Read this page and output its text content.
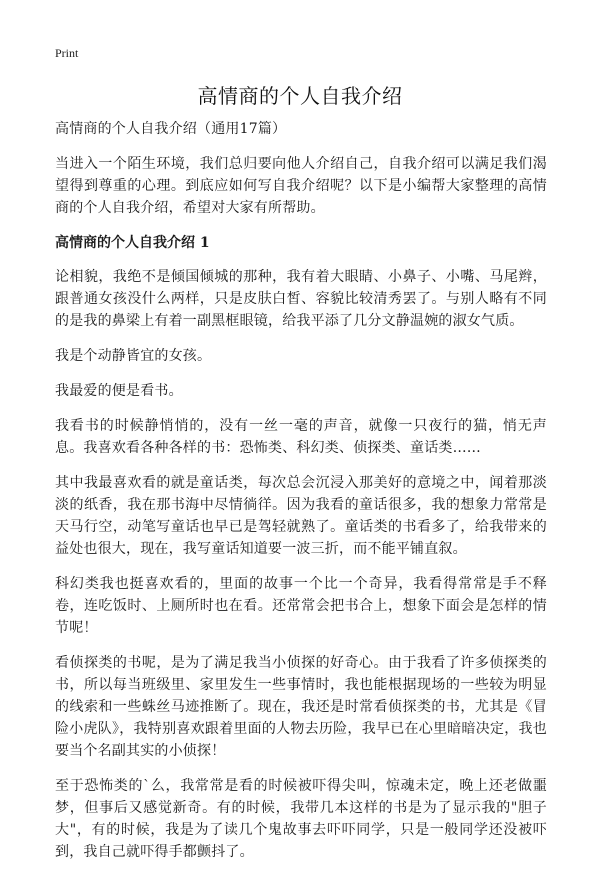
Print
高情商的个人自我介绍

高情商的个人自我介绍（通用17篇）

当进入一个陌生环境，我们总归要向他人介绍自己，自我介绍可以满足我们渴望得到尊重的心理。到底应如何写自我介绍呢？以下是小编帮大家整理的高情商的个人自我介绍，希望对大家有所帮助。

高情商的个人自我介绍 1

论相貌，我绝不是倾国倾城的那种，我有着大眼睛、小鼻子、小嘴、马尾辫，跟普通女孩没什么两样，只是皮肤白皙、容貌比较清秀罢了。与别人略有不同的是我的鼻梁上有着一副黑框眼镜，给我平添了几分文静温婉的淑女气质。

我是个动静皆宜的女孩。

我最爱的便是看书。

我看书的时候静悄悄的，没有一丝一毫的声音，就像一只夜行的猫，悄无声息。我喜欢看各种各样的书：恐怖类、科幻类、侦探类、童话类……

其中我最喜欢看的就是童话类，每次总会沉浸入那美好的意境之中，闻着那淡淡的纸香，我在那书海中尽情徜徉。因为我看的童话很多，我的想象力常常是天马行空，动笔写童话也早已是驾轻就熟了。童话类的书看多了，给我带来的益处也很大，现在，我写童话知道要一波三折，而不能平铺直叙。

科幻类我也挺喜欢看的，里面的故事一个比一个奇异，我看得常常是手不释卷，连吃饭时、上厕所时也在看。还常常会把书合上，想象下面会是怎样的情节呢！

看侦探类的书呢，是为了满足我当小侦探的好奇心。由于我看了许多侦探类的书，所以每当班级里、家里发生一些事情时，我也能根据现场的一些较为明显的线索和一些蛛丝马迹推断了。现在，我还是时常看侦探类的书，尤其是《冒险小虎队》，我特别喜欢跟着里面的人物去历险，我早已在心里暗暗决定，我也要当个名副其实的小侦探！

至于恐怖类的`么，我常常是看的时候被吓得尖叫，惊魂未定，晚上还老做噩梦，但事后又感觉新奇。有的时候，我带几本这样的书是为了显示我的"胆子大"，有的时候，我是为了读几个鬼故事去吓吓同学，只是一般同学还没被吓到，我自己就吓得手都颤抖了。
